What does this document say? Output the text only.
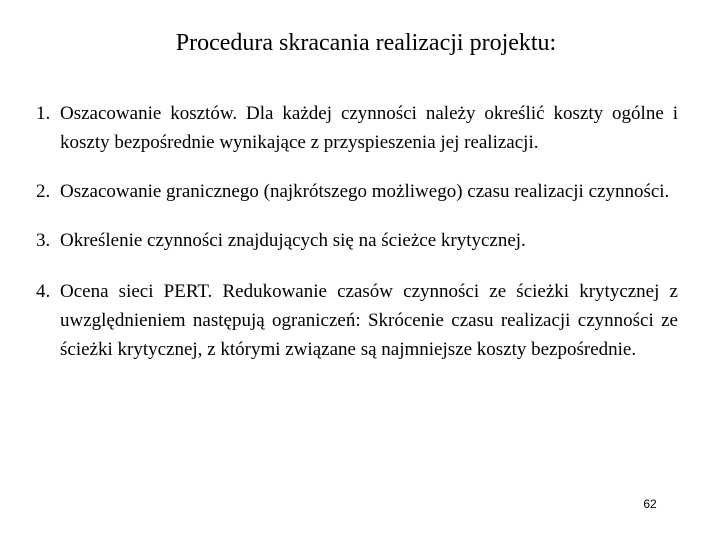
Procedura skracania realizacji projektu:
1. Oszacowanie kosztów. Dla każdej czynności należy określić koszty ogólne i koszty bezpośrednie wynikające z przyspieszenia jej realizacji.
2. Oszacowanie granicznego (najkrótszego możliwego) czasu realizacji czynności.
3. Określenie czynności znajdujących się na ścieżce krytycznej.
4. Ocena sieci PERT. Redukowanie czasów czynności ze ścieżki krytycznej z uwzględnieniem następują ograniczeń: Skrócenie czasu realizacji czynności ze ścieżki krytycznej, z którymi związane są najmniejsze koszty bezpośrednie.
62
